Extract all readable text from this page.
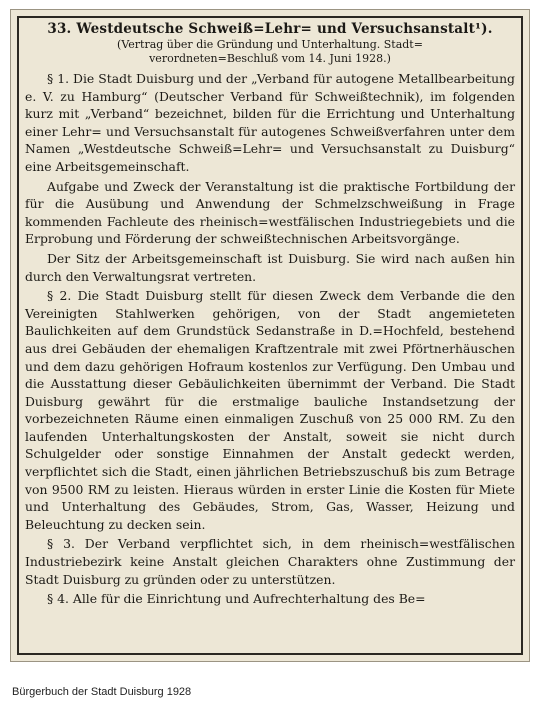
33. Westdeutsche Schweiß=Lehr= und Versuchsanstalt¹).
(Vertrag über die Gründung und Unterhaltung. Stadt=
verordneten=Beschluß vom 14. Juni 1928.)

§ 1. Die Stadt Duisburg und der „Verband für autogene Metallbearbeitung e. V. zu Hamburg“ (Deutscher Verband für Schweißtechnik), im folgenden kurz mit „Verband“ bezeichnet, bilden für die Errichtung und Unterhaltung einer Lehr= und Versuchsanstalt für autogenes Schweißverfahren unter dem Namen „Westdeutsche Schweiß=Lehr= und Versuchsanstalt zu Duisburg“ eine Arbeitsgemeinschaft.

Aufgabe und Zweck der Veranstaltung ist die praktische Fortbildung der für die Ausübung und Anwendung der Schmelzschweißung in Frage kommenden Fachleute des rheinisch=westfälischen Industriegebiets und die Erprobung und Förderung der schweißtechnischen Arbeitsvorgänge.

Der Sitz der Arbeitsgemeinschaft ist Duisburg. Sie wird nach außen hin durch den Verwaltungsrat vertreten.

§ 2. Die Stadt Duisburg stellt für diesen Zweck dem Verbande die den Vereinigten Stahlwerken gehörigen, von der Stadt angemieteten Baulichkeiten auf dem Grundstück Sedanstraße in D.=Hochfeld, bestehend aus drei Gebäuden der ehemaligen Kraftzentrale mit zwei Pförtnerhäuschen und dem dazu gehörigen Hofraum kostenlos zur Verfügung. Den Umbau und die Ausstattung dieser Gebäulichkeiten übernimmt der Verband. Die Stadt Duisburg gewährt für die erstmalige bauliche Instandsetzung der vorbezeichneten Räume einen einmaligen Zuschuß von 25 000 RM. Zu den laufenden Unterhaltungskosten der Anstalt, soweit sie nicht durch Schulgelder oder sonstige Einnahmen der Anstalt gedeckt werden, verpflichtet sich die Stadt, einen jährlichen Betriebszuschuß bis zum Betrage von 9500 RM zu leisten. Hieraus würden in erster Linie die Kosten für Miete und Unterhaltung des Gebäudes, Strom, Gas, Wasser, Heizung und Beleuchtung zu decken sein.

§ 3. Der Verband verpflichtet sich, in dem rheinisch=westfälischen Industriebezirk keine Anstalt gleichen Charakters ohne Zustimmung der Stadt Duisburg zu gründen oder zu unterstützen.

§ 4. Alle für die Einrichtung und Aufrechterhaltung des Be=

Bürgerbuch der Stadt Duisburg 1928
